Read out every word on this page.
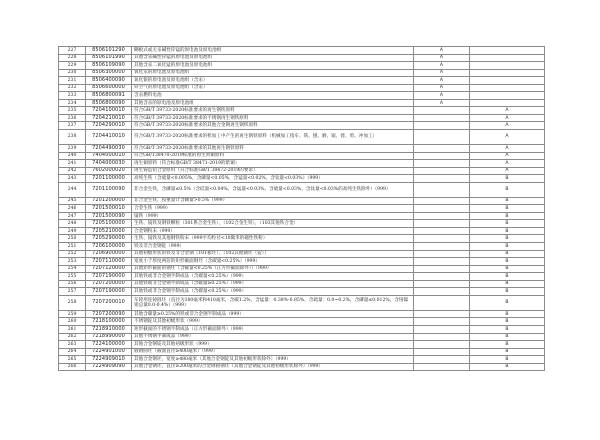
227	8506101290	糊板式或无汞碱性锌锰的原电池及原电池组	A	
228	8506101990	其他含汞碱性锌锰的原电池及原电池组	A	
229	8506109090	其他含汞二氧化锰的原电池及原电池组	A	
230	8506300000	氧化汞的原电池及原电池组	A	
231	8506400090	氧化银的原电池及原电池组（含汞）	A	
232	8506600000	锌空气的原电池及原电池组（含汞）	A	
233	8506800091	含汞燃料电池	A	
234	8506800090	其他含汞的原电池及原电池组	A	
235	7204100010	符合GB/T 39733-2020标准要求的再生钢铁原料		A
236	7204210010	符合GB/T 39733-2020标准要求的不锈钢再生钢铁原料		A
237	7204290010	符合GB/T 39733-2020标准要求的其他合金钢再生钢铁原料		A
238	7204410010	符合GB/T 39733-2020标准要求的机加工中产生的再生钢铁原料（机械加工指车、铣、刨、磨、锯、锉、剪、冲加工）		A
239	7204490030	符合GB/T 39733-2020标准要求的其他再生钢铁原料		A
240	7404000010	符合GB/T38470-2019标准的再生黄铜原料		A
241	7404000030	再生铜原料（符合标准GB/T 38471-2019的紫铜）		A
242	7602000020	再生铸造铝合金原料（符合标准GB/T 38472-2019的要求）		A
243	7201100000	高纯生铁（含硫量<0.005%，含磷量<0.05%，含锰量<0.02%，含钛量<0.03%）（999）		B
244	7201100090	非合金生铁，含磷量≤0.5%（含硅量<0.04%、含锰量<0.03%、含硫量<0.03%、含钛量<0.03%的高纯生铁除外）（999）		B
245	7201200000	非合金生铁，按重量计含磷量>0.5%（999）		B
246	7201500010	合金生铁（999）		B
247	7201500090	镜铁（999）		B
248	7205100000	生铁、镜铁及钢铁颗粒（301系合金生铁），（102合金生铁），（103其他铁合金）		B
249	7205210000	合金钢粉末（999）		B
250	7205290000	生铁、镜铁及其他钢铁粉末（999平均粒径<10微米的磁性铁粉）		B
251	7206100000	铁及非合金钢锭（999）		B
252	7206900000	其他初级形状的铁及非合金钢（101板坯），（102其他钢坯（锭））		B
253	7207110000	宽度小于厚度两倍的矩形截面钢坯（含碳量<0.25%）（999）		B
254	7207120000	其他矩形截面的钢坯（含碳量<0.25%（正方形截面除外））（999）		B
255	7207190000	其他铁或非合金钢半制成品（含碳量<0.25%）（999）		B
256	7207200000	其他铁或非合金钢半制成品（含碳量≥0.25%）（999）		B
257	7207190000	其他铁或非合金钢半制成品（含碳量<0.25%）（999）		B
258	7207200010	车轮用连铸圆坯（直径为380毫米和410毫米，含碳1.2%，含锰量：0.38%-0.85%，含硫量：0.0~0.2%，含磷量≤0.012%，含铬镍钼总量0.0-0.4%）（999）		B
259	7207200090	其他含碳量≥0.25%的铁或非合金钢半制成品（999）		B
260	7218100000	不锈钢锭及其他初级形状（999）		B
261	7218910000	矩形截面的不锈钢半制成品（正方形截面除外）（999）		B
262	7218990000	其他不锈钢半制成品（999）		B
263	7224100000	其他合金钢锭及其他初级形状（999）		B
264	7224901000	锻钢圆坯（截面直径≥400毫米）（999）		B
265	7224909010	其他合金钢坯，宽度≥480毫米（其他合金钢锭及其他初级形状除外）（999）		B
266	7224909090	其他合金钢坯，直径≥200毫米的合金钢圆钢坯（其他合金钢锭及其他初级形状除外）（999）		B
